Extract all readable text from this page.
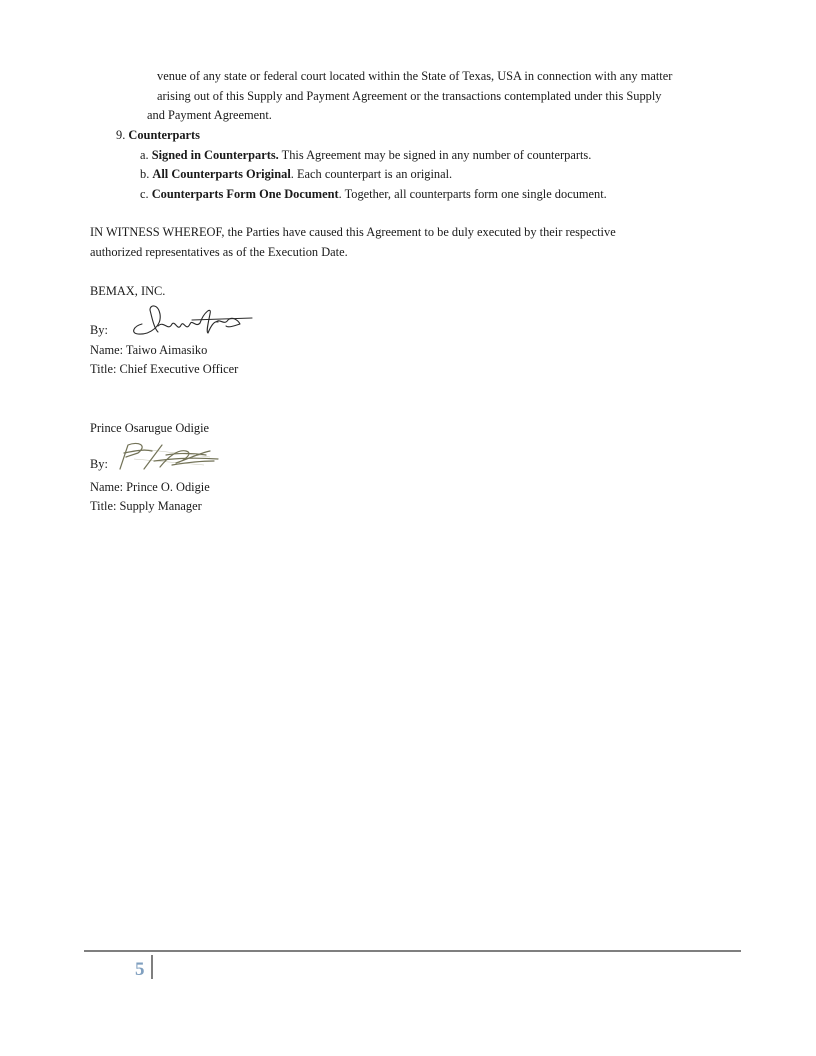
venue of any state or federal court located within the State of Texas, USA in connection with any matter
arising out of this Supply and Payment Agreement or the transactions contemplated under this Supply
and Payment Agreement.
9. Counterparts
a. Signed in Counterparts. This Agreement may be signed in any number of counterparts.
b. All Counterparts Original. Each counterpart is an original.
c. Counterparts Form One Document. Together, all counterparts form one single document.
IN WITNESS WHEREOF, the Parties have caused this Agreement to be duly executed by their respective
authorized representatives as of the Execution Date.
BEMAX, INC.
By:
Name: Taiwo Aimasiko
Title: Chief Executive Officer
Prince Osarugue Odigie
By:
Name: Prince O. Odigie
Title: Supply Manager
5
